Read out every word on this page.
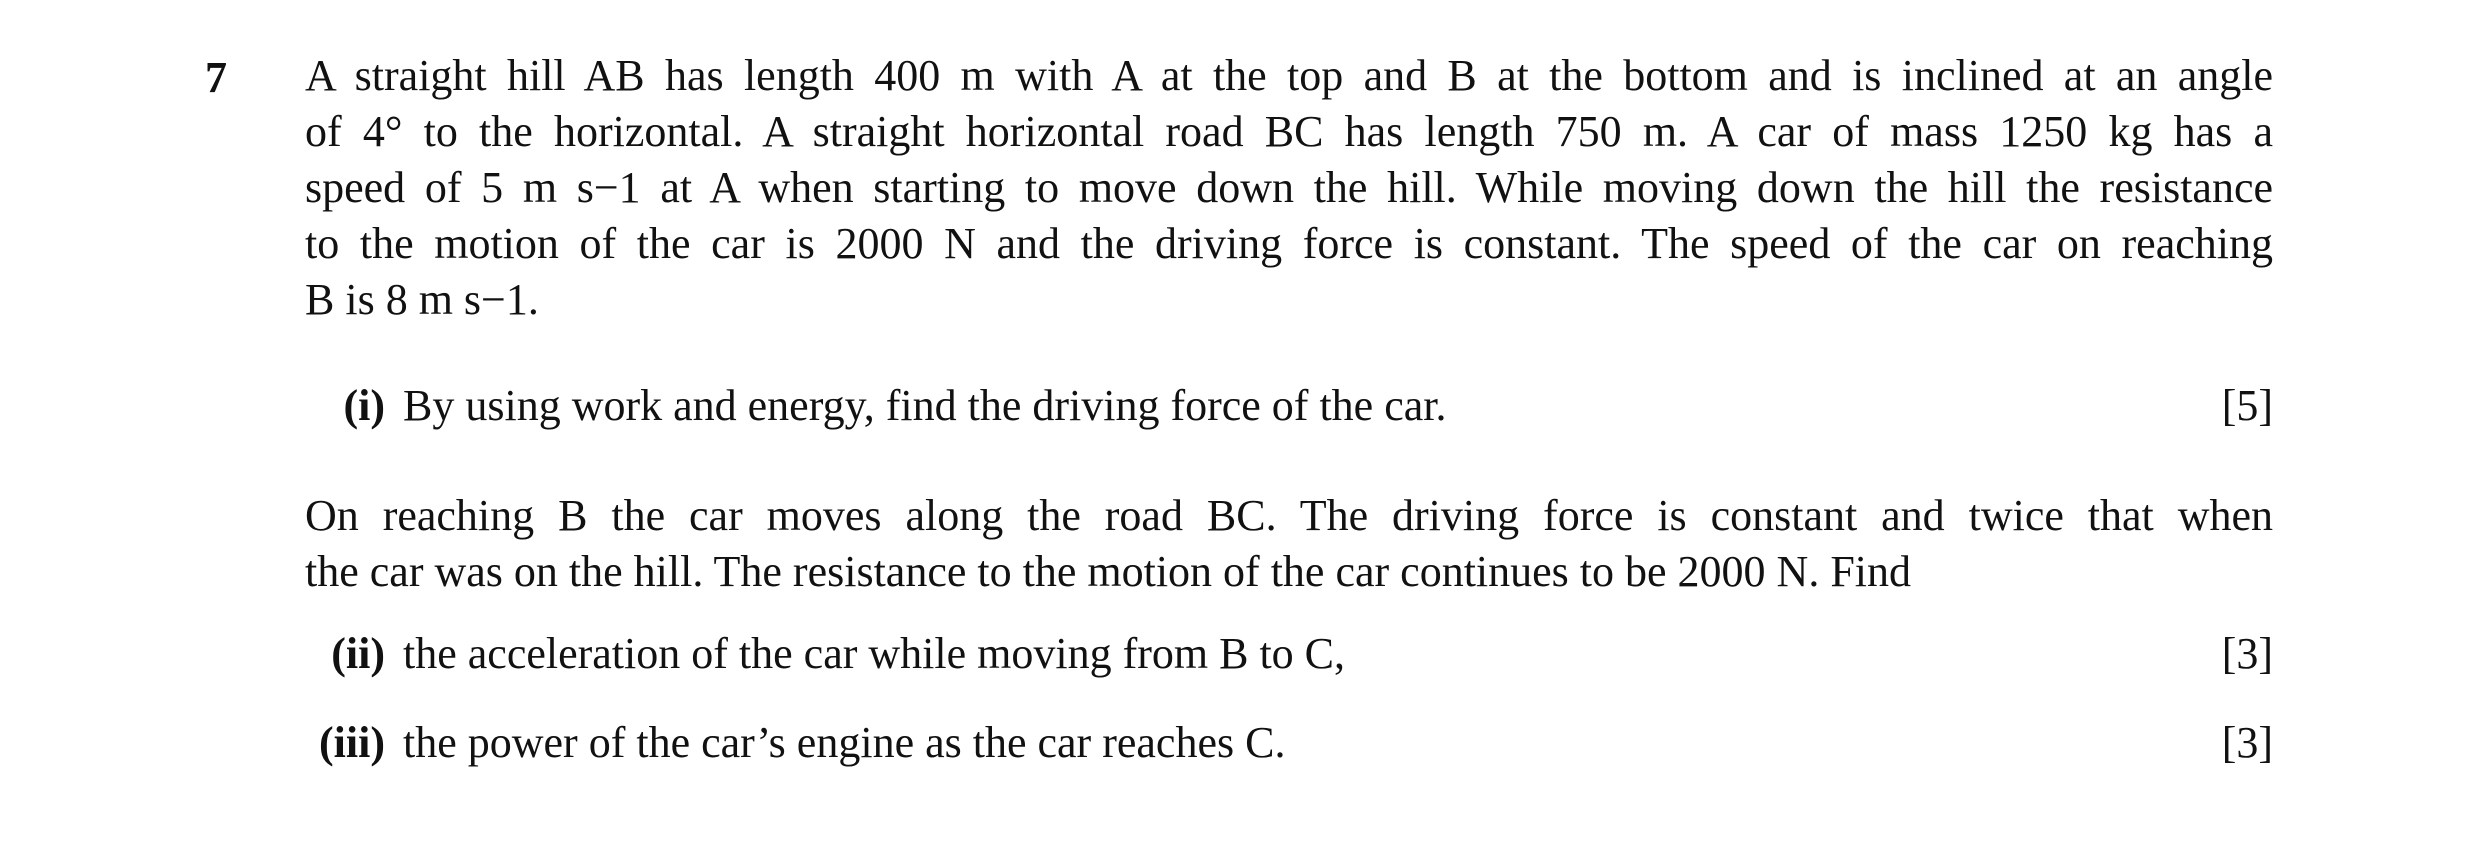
7 A straight hill AB has length 400 m with A at the top and B at the bottom and is inclined at an angle
of 4° to the horizontal. A straight horizontal road BC has length 750 m. A car of mass 1250 kg has a
speed of 5 m s−1 at A when starting to move down the hill. While moving down the hill the resistance
to the motion of the car is 2000 N and the driving force is constant. The speed of the car on reaching
B is 8 m s−1.
(i) By using work and energy, find the driving force of the car.	[5]
On reaching B the car moves along the road BC. The driving force is constant and twice that when
the car was on the hill. The resistance to the motion of the car continues to be 2000 N. Find
(ii) the acceleration of the car while moving from B to C,	[3]
(iii) the power of the car’s engine as the car reaches C.	[3]
